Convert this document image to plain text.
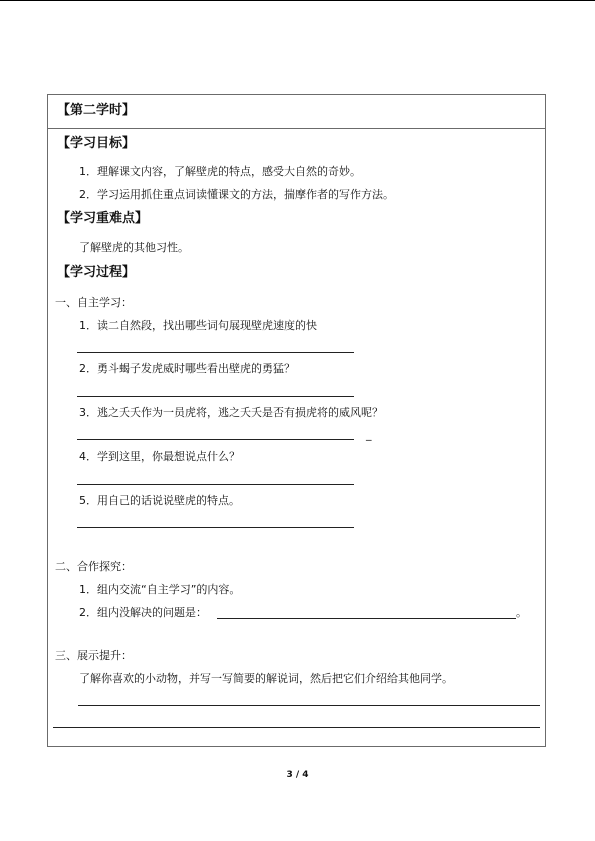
【第二学时】
【学习目标】
1．理解课文内容，了解壁虎的特点，感受大自然的奇妙。
2．学习运用抓住重点词读懂课文的方法，揣摩作者的写作方法。
【学习重难点】
了解壁虎的其他习性。
【学习过程】
一、自主学习：
1．读二自然段，找出哪些词句展现壁虎速度的快
2．勇斗蝎子发虎威时哪些看出壁虎的勇猛？
3．逃之夭夭作为一员虎将，逃之夭夭是否有损虎将的威风呢？
_
4．学到这里，你最想说点什么？
5．用自己的话说说壁虎的特点。
二、合作探究：
1．组内交流“自主学习”的内容。
2．组内没解决的问题是：	。
三、展示提升：
了解你喜欢的小动物，并写一写简要的解说词，然后把它们介绍给其他同学。
3 / 4
